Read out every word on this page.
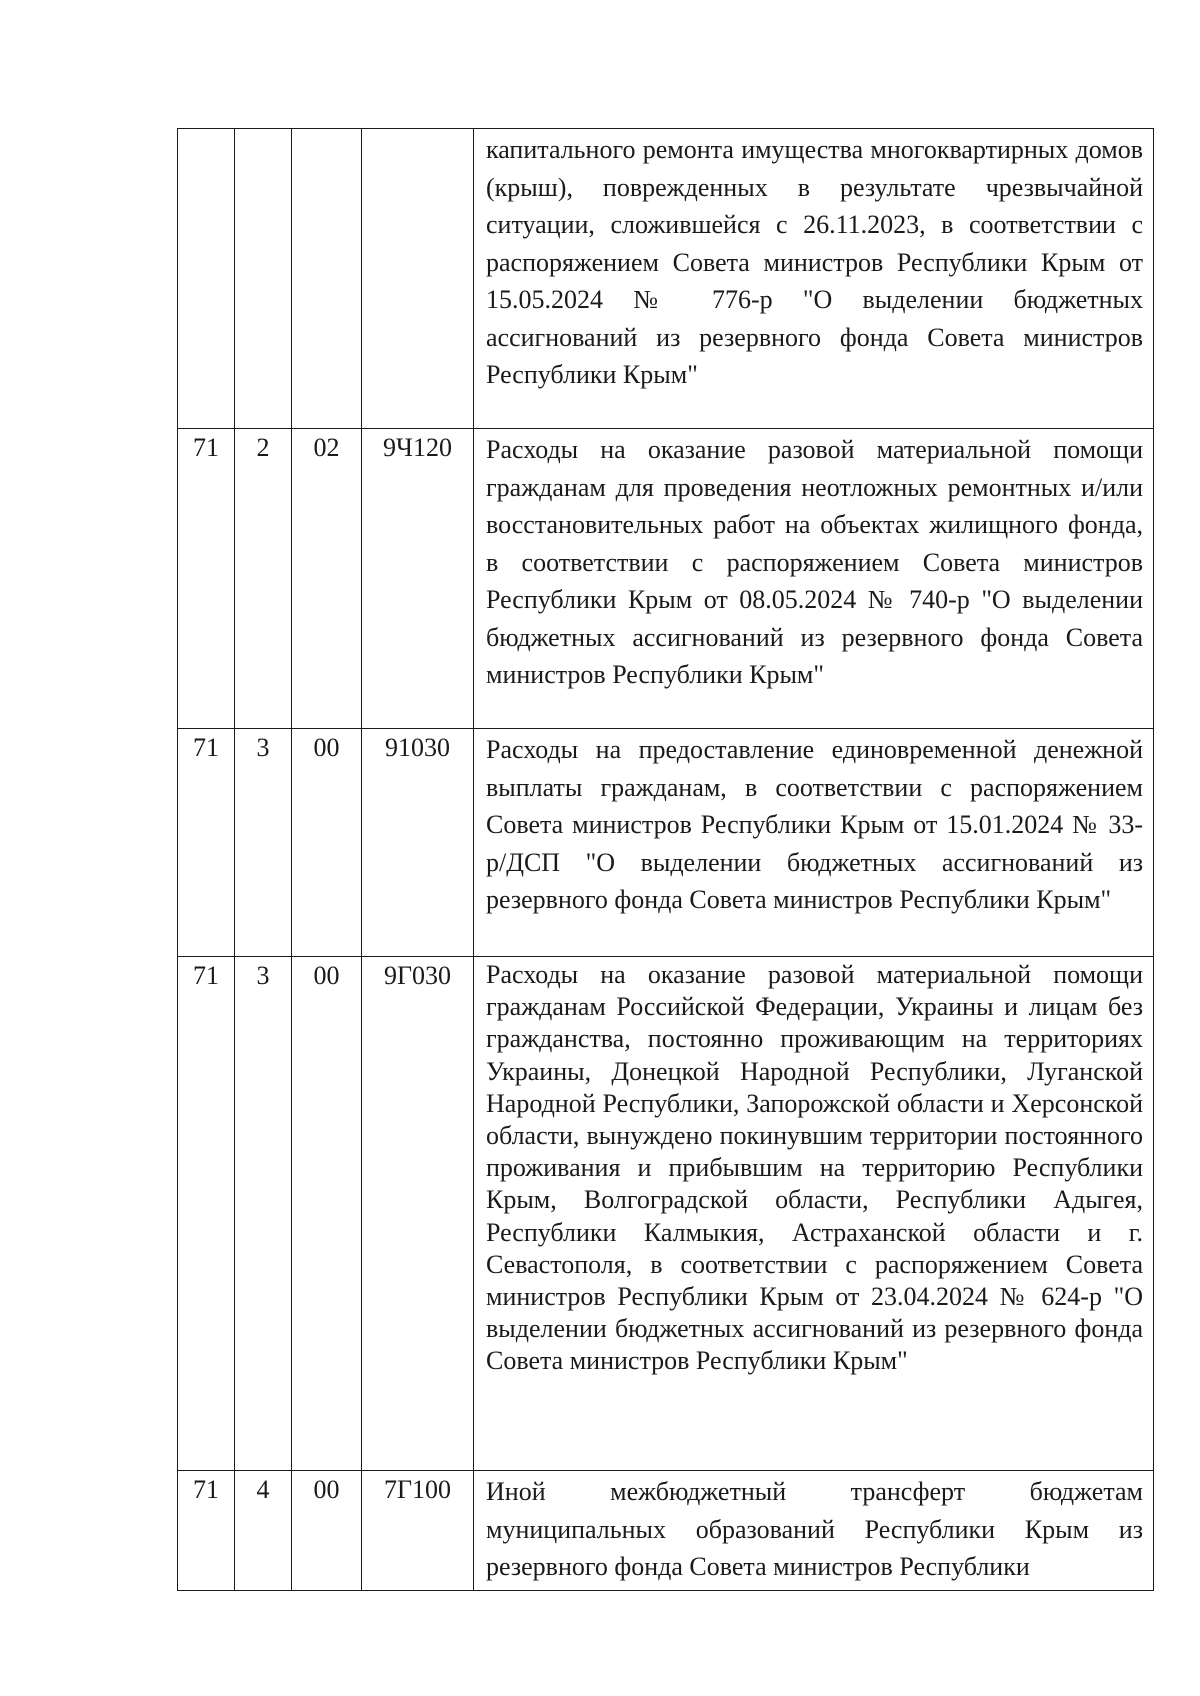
				капитального ремонта имущества многоквартирных домов (крыш), поврежденных в результате чрезвычайной ситуации, сложившейся с 26.11.2023, в соответствии с распоряжением Совета министров Республики Крым от 15.05.2024 № 776-р "О выделении бюджетных ассигнований из резервного фонда Совета министров Республики Крым"

71	2	02	9Ч120	Расходы на оказание разовой материальной помощи гражданам для проведения неотложных ремонтных и/или восстановительных работ на объектах жилищного фонда, в соответствии с распоряжением Совета министров Республики Крым от 08.05.2024 № 740-р "О выделении бюджетных ассигнований из резервного фонда Совета министров Республики Крым"

71	3	00	91030	Расходы на предоставление единовременной денежной выплаты гражданам, в соответствии с распоряжением Совета министров Республики Крым от 15.01.2024 № 33-р/ДСП "О выделении бюджетных ассигнований из резервного фонда Совета министров Республики Крым"

71	3	00	9Г030	Расходы на оказание разовой материальной помощи гражданам Российской Федерации, Украины и лицам без гражданства, постоянно проживающим на территориях Украины, Донецкой Народной Республики, Луганской Народной Республики, Запорожской области и Херсонской области, вынуждено покинувшим территории постоянного проживания и прибывшим на территорию Республики Крым, Волгоградской области, Республики Адыгея, Республики Калмыкия, Астраханской области и г. Севастополя, в соответствии с распоряжением Совета министров Республики Крым от 23.04.2024 № 624-р "О выделении бюджетных ассигнований из резервного фонда Совета министров Республики Крым"

71	4	00	7Г100	Иной межбюджетный трансферт бюджетам муниципальных образований Республики Крым из резервного фонда Совета министров Республики
